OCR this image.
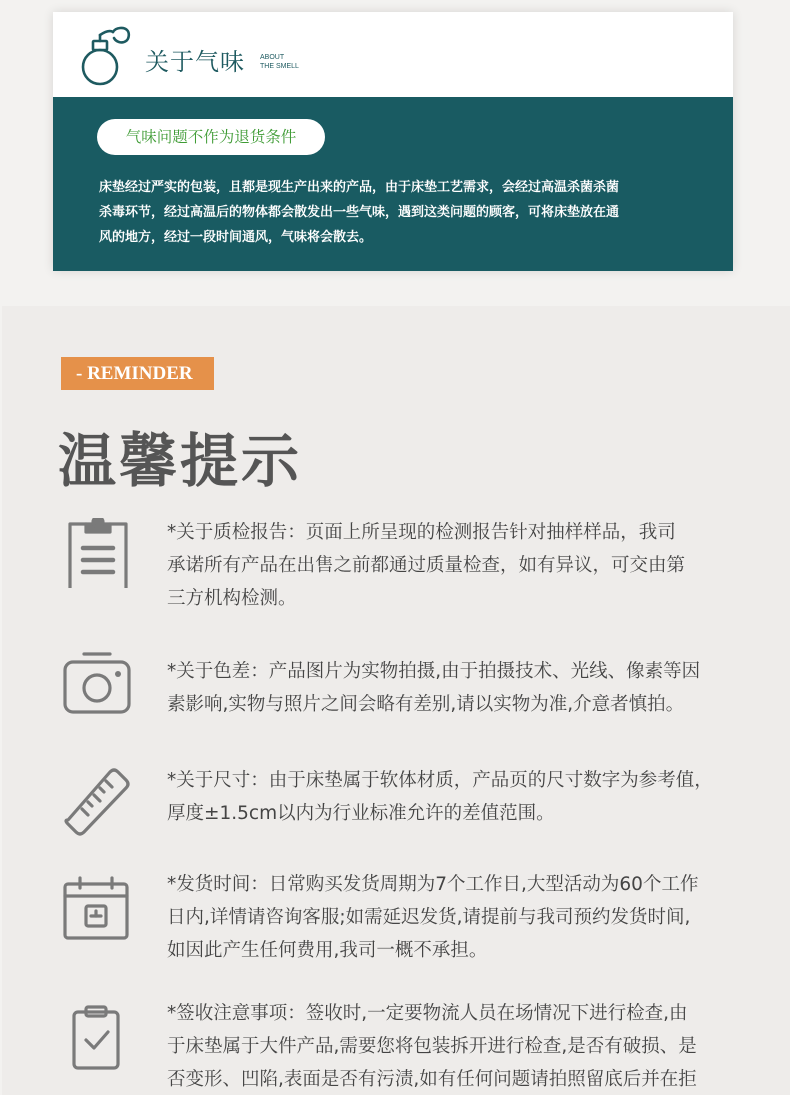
关于气味 ABOUT
THE SMELL
气味问题不作为退货条件
床垫经过严实的包装，且都是现生产出来的产品，由于床垫工艺需求，会经过高温杀菌杀菌
杀毒环节，经过高温后的物体都会散发出一些气味，遇到这类问题的顾客，可将床垫放在通
风的地方，经过一段时间通风，气味将会散去。
- REMINDER
温馨提示
*关于质检报告：页面上所呈现的检测报告针对抽样样品，我司
承诺所有产品在出售之前都通过质量检查，如有异议，可交由第
三方机构检测。
*关于色差：产品图片为实物拍摄,由于拍摄技术、光线、像素等因
素影响,实物与照片之间会略有差别,请以实物为准,介意者慎拍。
*关于尺寸：由于床垫属于软体材质，产品页的尺寸数字为参考值，
厚度±1.5cm以内为行业标准允许的差值范围。
*发货时间：日常购买发货周期为7个工作日,大型活动为60个工作
日内,详情请咨询客服;如需延迟发货,请提前与我司预约发货时间,
如因此产生任何费用,我司一概不承担。
*签收注意事项：签收时,一定要物流人员在场情况下进行检查,由
于床垫属于大件产品,需要您将包装拆开进行检查,是否有破损、是
否变形、凹陷,表面是否有污渍,如有任何问题请拍照留底后并在拒
